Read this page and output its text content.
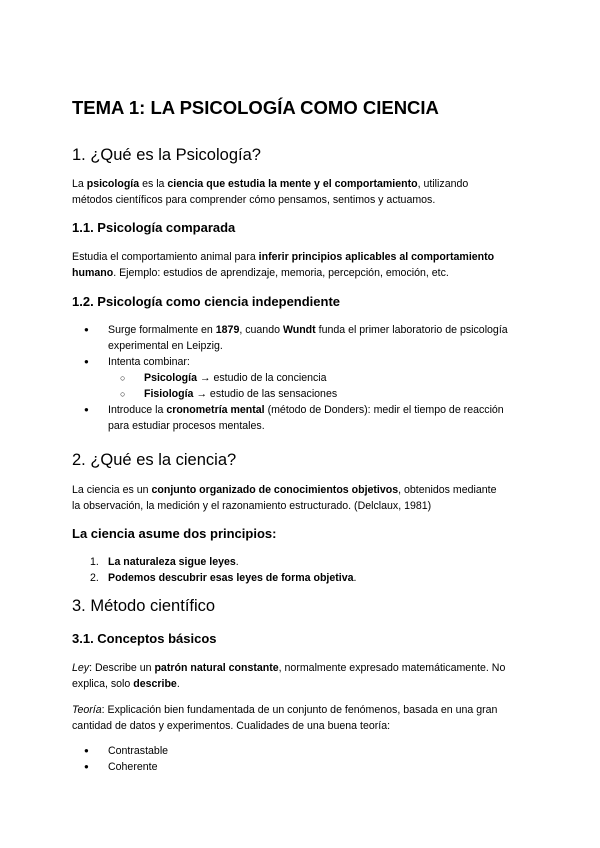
TEMA 1: LA PSICOLOGÍA COMO CIENCIA
1. ¿Qué es la Psicología?

La psicología es la ciencia que estudia la mente y el comportamiento, utilizando
métodos científicos para comprender cómo pensamos, sentimos y actuamos.

1.1. Psicología comparada

Estudia el comportamiento animal para inferir principios aplicables al comportamiento
humano. Ejemplo: estudios de aprendizaje, memoria, percepción, emoción, etc.

1.2. Psicología como ciencia independiente
● Surge formalmente en 1879, cuando Wundt funda el primer laboratorio de psicología
experimental en Leipzig.
● Intenta combinar:
○ Psicología → estudio de la conciencia
○ Fisiología → estudio de las sensaciones
● Introduce la cronometría mental (método de Donders): medir el tiempo de reacción
para estudiar procesos mentales.
2. ¿Qué es la ciencia?

La ciencia es un conjunto organizado de conocimientos objetivos, obtenidos mediante
la observación, la medición y el razonamiento estructurado. (Delclaux, 1981)

La ciencia asume dos principios:
1. La naturaleza sigue leyes.
2. Podemos descubrir esas leyes de forma objetiva.
3. Método científico
3.1. Conceptos básicos

Ley: Describe un patrón natural constante, normalmente expresado matemáticamente. No
explica, solo describe.

Teoría: Explicación bien fundamentada de un conjunto de fenómenos, basada en una gran
cantidad de datos y experimentos. Cualidades de una buena teoría:

● Contrastable
● Coherente
